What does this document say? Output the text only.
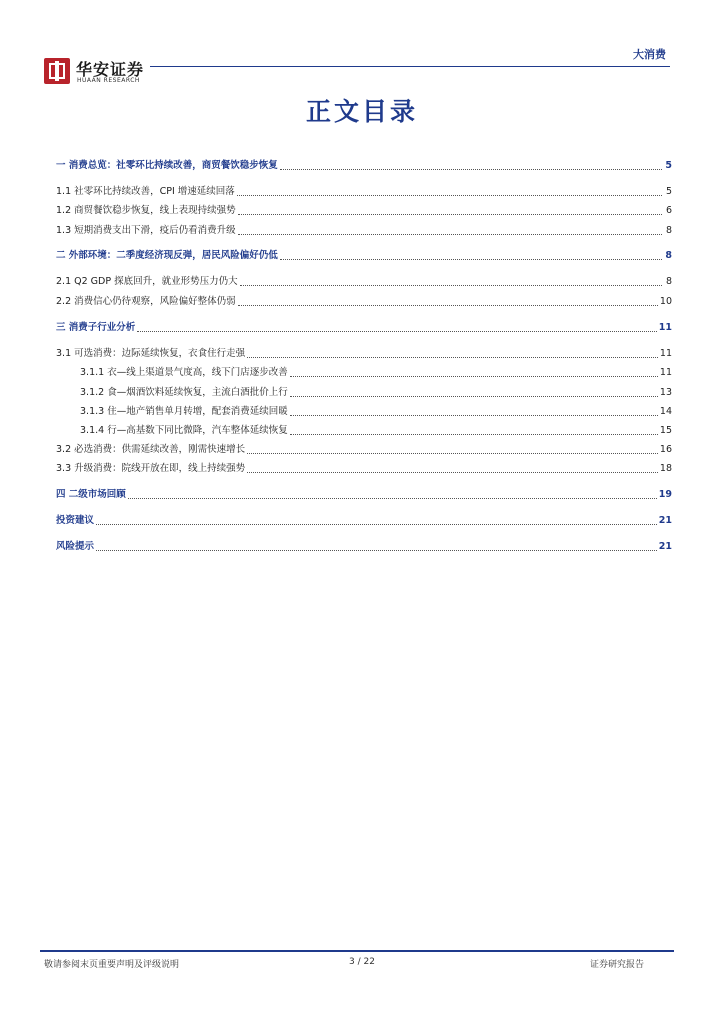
华安证券
HUAAN RESEARCH
大消费
正文目录
一 消费总览：社零环比持续改善，商贸餐饮稳步恢复	5
1.1 社零环比持续改善，CPI 增速延续回落	5
1.2 商贸餐饮稳步恢复，线上表现持续强势	6
1.3 短期消费支出下滑，疫后仍看消费升级	8
二 外部环境：二季度经济现反弹，居民风险偏好仍低	8
2.1 Q2 GDP 探底回升，就业形势压力仍大	8
2.2 消费信心仍待观察，风险偏好整体仍弱	10
三 消费子行业分析	11
3.1 可选消费：边际延续恢复，衣食住行走强	11
3.1.1 衣—线上渠道景气度高，线下门店逐步改善	11
3.1.2 食—烟酒饮料延续恢复，主流白酒批价上行	13
3.1.3 住—地产销售单月转增，配套消费延续回暖	14
3.1.4 行—高基数下同比微降，汽车整体延续恢复	15
3.2 必选消费：供需延续改善，刚需快速增长	16
3.3 升级消费：院线开放在即，线上持续强势	18
四 二级市场回顾	19
投资建议	21
风险提示	21
敬请参阅末页重要声明及评级说明	3 / 22	证券研究报告
